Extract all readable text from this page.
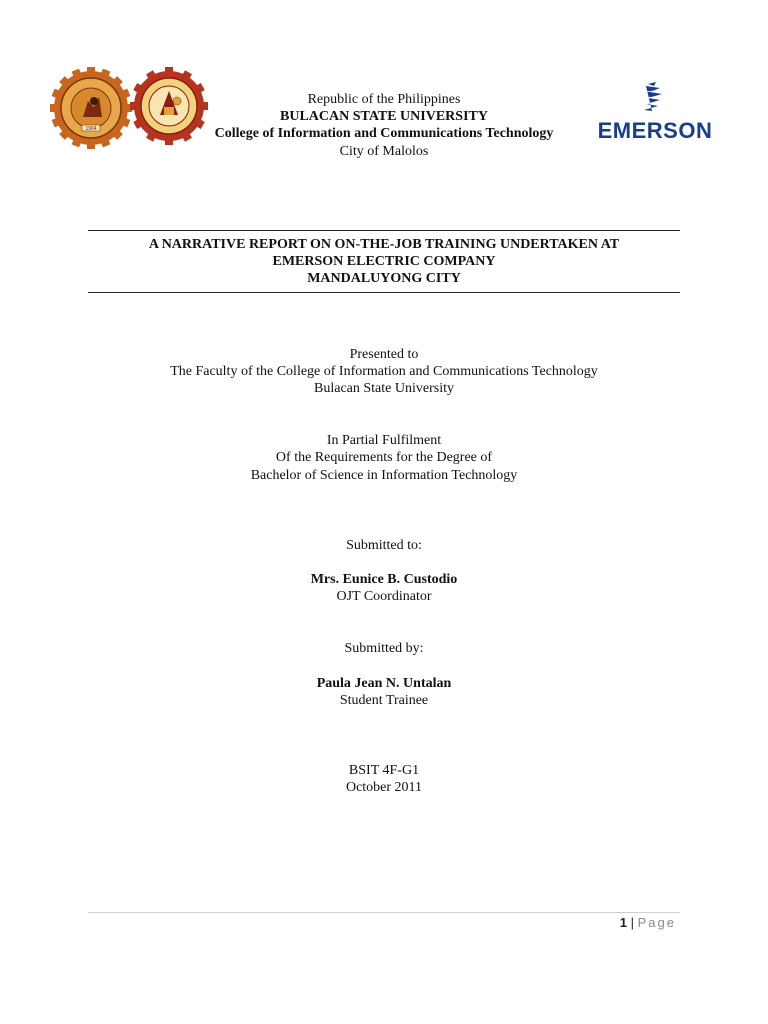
1904
Republic of the Philippines
BULACAN STATE UNIVERSITY
College of Information and Communications Technology
City of Malolos
EMERSON
A NARRATIVE REPORT ON ON-THE-JOB TRAINING UNDERTAKEN AT
EMERSON ELECTRIC COMPANY
MANDALUYONG CITY
Presented to
The Faculty of the College of Information and Communications Technology
Bulacan State University
In Partial Fulfilment
Of the Requirements for the Degree of
Bachelor of Science in Information Technology
Submitted to:
Mrs. Eunice B. Custodio
OJT Coordinator
Submitted by:
Paula Jean N. Untalan
Student Trainee
BSIT 4F-G1
October 2011
1 | Page
